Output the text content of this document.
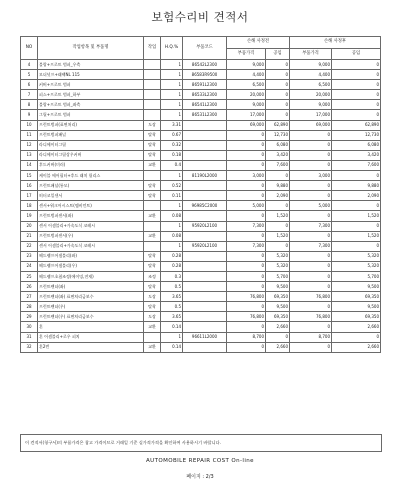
보험수리비 견적서
NO	작업항목 및 부품명	작업	H.Q.%	부품코드	손해 사정전		손해 사정후	
					부품가격	공임	부품가격	공임
4	블랑+프로트 범퍼_우측		1	86542L2300	9,000	0	9,000	0
5	모더넛프+래팩NL 115		1	86583R9500	4,400	0	4,400	0
6	커버+프로트 범퍼		1	86591L2300	6,500	0	6,500	0
7	피스+프로트 범퍼_하부		1	86533L2300	20,000	0	20,000	0
8	블랑+프로트 범퍼_좌측		1	86541L2300	9,000	0	9,000	0
9	그릴+프로트 범퍼		1	86531L2300	17,000	0	17,000	0
10	프런트범퍼(표면처리)	도장	3.31		69,000	62,890	69,000	62,890
11	프런트범퍼패널	탈착	0.67		0	12,730	0	12,730
12	라디에이터그릴	탈착	0.32		0	6,080	0	6,080
13	라디에이터그릴상우커버	탈착	0.18		0	3,420	0	3,420
14	후드커버(미러)	교환	0.4		0	7,600	0	7,600
15	케이블 에어필터+후드 래치 릴리스		1	81190L2000	3,000	0	3,000	0
16	프런트패널(통모)	탈착	0.52		0	9,880	0	9,880
17	히터코일센서	탈착	0.11		0	2,090	0	2,090
18	센서+워크어시스트(엠비언트)		1	96985C2000	5,000	0	5,000	0
19	프런트범퍼센서(좌)	교환	0.08		0	1,520	0	1,520
20	센서 어셈블리+가속도식 코레시		1	95920L2100	7,300	0	7,300	0
21	프런트범퍼센서(우)	교환	0.08		0	1,520	0	1,520
22	센서 어셈블리+가속도식 코레시		1	95920L2100	7,300	0	7,300	0
23	헤드램프어셈블리(좌)	탈착	0.28		0	5,320	0	5,320
24	헤드램프어셈블리(우)	탈착	0.28		0	5,320	0	5,320
25	헤드램프초첨조정(에이밍,전재)	조정	0.3		0	5,700	0	5,700
26	프런트펜더(좌)	탈착	0.5		0	9,500	0	9,500
27	프런트펜더(좌) 표면처리금보수	도장	3.65		76,800	69,350	76,800	69,350
28	프런트펜더(우)	탈착	0.5		0	9,500	0	9,500
29	프런트펜더(우) 표면처리금보수	도장	3.65		76,800	69,350	76,800	69,350
30	혼	교환	0.14		0	2,660	0	2,660
31	혼 어셈블리+로우 피치		1	96611L2000	8,700	0	8,700	0
32	혼2번	교환	0.14		0	2,660	0	2,660
이 견적서(청구서)의 부품가격은 참고 가격이므로 거래일 기준 실가격가격을 확인하여 사용하시기 바랍니다.
AUTOMOBILE REPAIR COST On-line
페이지 : 2/3
